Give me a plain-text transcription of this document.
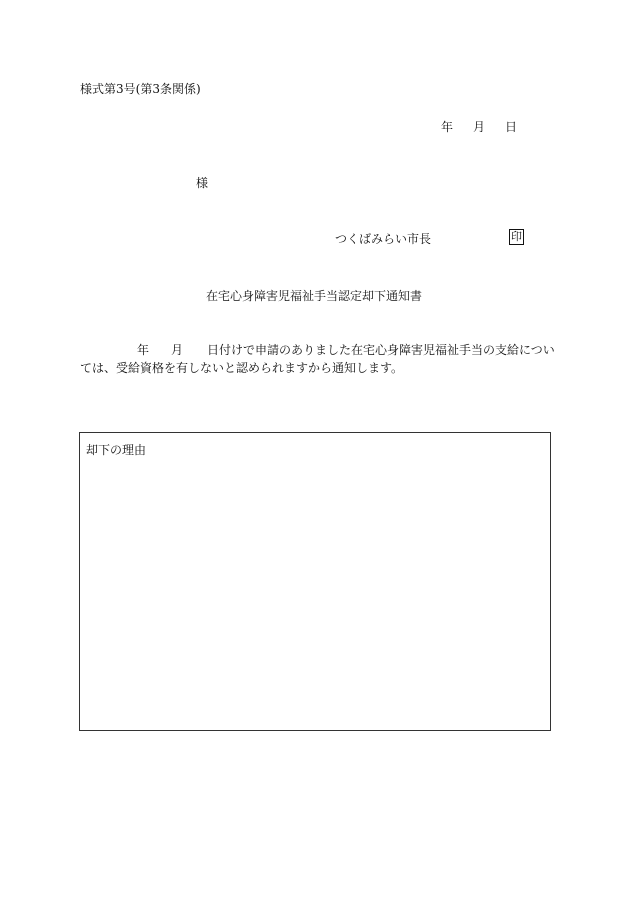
様式第3号(第3条関係)
年 月 日
様
つくばみらい市長	印
在宅心身障害児福祉手当認定却下通知書
年 月 日付けで申請のありました在宅心身障害児福祉手当の支給につい
ては、受給資格を有しないと認められますから通知します。
却下の理由
